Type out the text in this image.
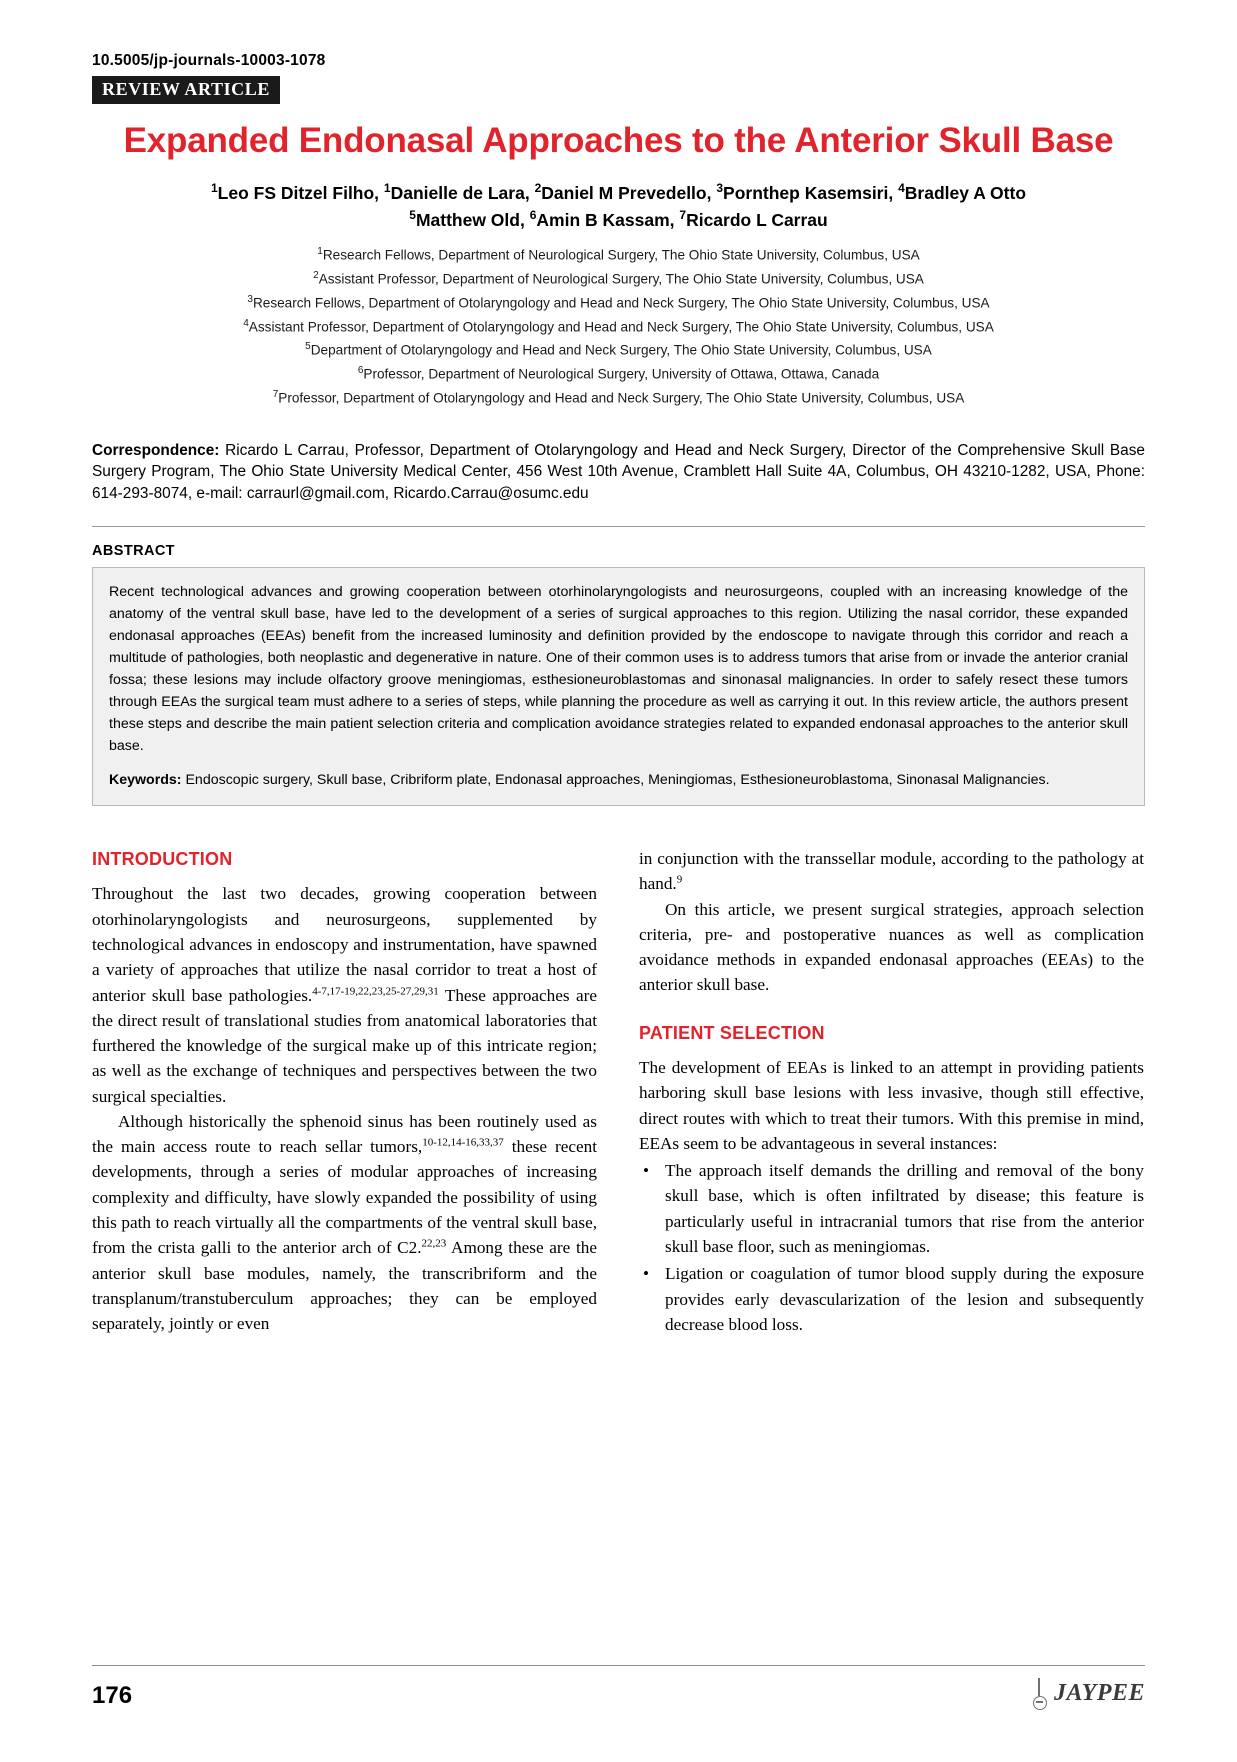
10.5005/jp-journals-10003-1078
REVIEW ARTICLE
Expanded Endonasal Approaches to the Anterior Skull Base
$^1$Leo FS Ditzel Filho, $^1$Danielle de Lara, $^2$Daniel M Prevedello, $^3$Pornthep Kasemsiri, $^4$Bradley A Otto
$^5$Matthew Old, $^6$Amin B Kassam, $^7$Ricardo L Carrau
$^1$Research Fellows, Department of Neurological Surgery, The Ohio State University, Columbus, USA
$^2$Assistant Professor, Department of Neurological Surgery, The Ohio State University, Columbus, USA
$^3$Research Fellows, Department of Otolaryngology and Head and Neck Surgery, The Ohio State University, Columbus, USA
$^4$Assistant Professor, Department of Otolaryngology and Head and Neck Surgery, The Ohio State University, Columbus, USA
$^5$Department of Otolaryngology and Head and Neck Surgery, The Ohio State University, Columbus, USA
$^6$Professor, Department of Neurological Surgery, University of Ottawa, Ottawa, Canada
$^7$Professor, Department of Otolaryngology and Head and Neck Surgery, The Ohio State University, Columbus, USA
Correspondence: Ricardo L Carrau, Professor, Department of Otolaryngology and Head and Neck Surgery, Director of the Comprehensive Skull Base Surgery Program, The Ohio State University Medical Center, 456 West 10th Avenue, Cramblett Hall Suite 4A, Columbus, OH 43210-1282, USA, Phone: 614-293-8074, e-mail: carraurl@gmail.com, Ricardo.Carrau@osumc.edu
ABSTRACT

Recent technological advances and growing cooperation between otorhinolaryngologists and neurosurgeons, coupled with an increasing knowledge of the anatomy of the ventral skull base, have led to the development of a series of surgical approaches to this region. Utilizing the nasal corridor, these expanded endonasal approaches (EEAs) benefit from the increased luminosity and definition provided by the endoscope to navigate through this corridor and reach a multitude of pathologies, both neoplastic and degenerative in nature. One of their common uses is to address tumors that arise from or invade the anterior cranial fossa; these lesions may include olfactory groove meningiomas, esthesioneuroblastomas and sinonasal malignancies. In order to safely resect these tumors through EEAs the surgical team must adhere to a series of steps, while planning the procedure as well as carrying it out. In this review article, the authors present these steps and describe the main patient selection criteria and complication avoidance strategies related to expanded endonasal approaches to the anterior skull base.

Keywords: Endoscopic surgery, Skull base, Cribriform plate, Endonasal approaches, Meningiomas, Esthesioneuroblastoma, Sinonasal Malignancies.

INTRODUCTION

Throughout the last two decades, growing cooperation between otorhinolaryngologists and neurosurgeons, supplemented by technological advances in endoscopy and instrumentation, have spawned a variety of approaches that utilize the nasal corridor to treat a host of anterior skull base pathologies.$^{4-7,17-19,22,23,25-27,29,31}$ These approaches are the direct result of translational studies from anatomical laboratories that furthered the knowledge of the surgical make up of this intricate region; as well as the exchange of techniques and perspectives between the two surgical specialties.

Although historically the sphenoid sinus has been routinely used as the main access route to reach sellar tumors,$^{10-12,14-16,33,37}$ these recent developments, through a series of modular approaches of increasing complexity and difficulty, have slowly expanded the possibility of using this path to reach virtually all the compartments of the ventral skull base, from the crista galli to the anterior arch of C2.$^{22,23}$ Among these are the anterior skull base modules, namely, the transcribriform and the transplanum/transtuberculum approaches; they can be employed separately, jointly or even

in conjunction with the transsellar module, according to the pathology at hand.$^9$

On this article, we present surgical strategies, approach selection criteria, pre- and postoperative nuances as well as complication avoidance methods in expanded endonasal approaches (EEAs) to the anterior skull base.

PATIENT SELECTION

The development of EEAs is linked to an attempt in providing patients harboring skull base lesions with less invasive, though still effective, direct routes with which to treat their tumors. With this premise in mind, EEAs seem to be advantageous in several instances:

• The approach itself demands the drilling and removal of the bony skull base, which is often infiltrated by disease; this feature is particularly useful in intracranial tumors that rise from the anterior skull base floor, such as meningiomas.
• Ligation or coagulation of tumor blood supply during the exposure provides early devascularization of the lesion and subsequently decrease blood loss.
176	JAYPEE
